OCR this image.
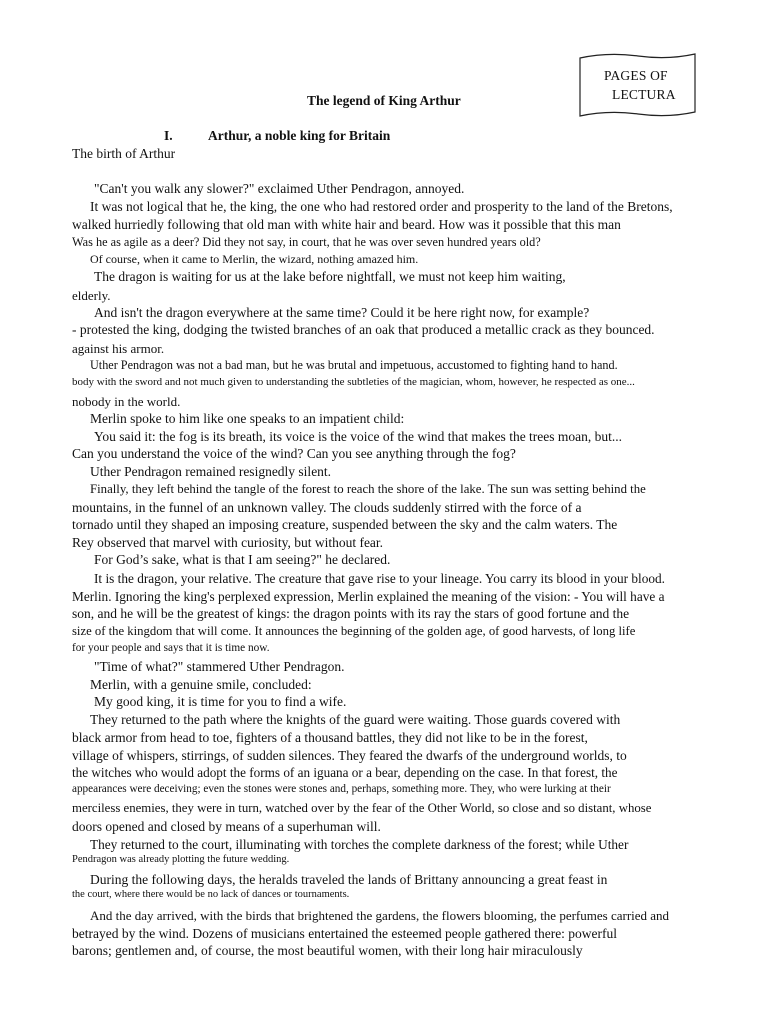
PAGES OF
LECTURA
The legend of King Arthur
I.	Arthur, a noble king for Britain
The birth of Arthur
"Can't you walk any slower?" exclaimed Uther Pendragon, annoyed.
It was not logical that he, the king, the one who had restored order and prosperity to the land of the Bretons,
walked hurriedly following that old man with white hair and beard. How was it possible that this man
Was he as agile as a deer? Did they not say, in court, that he was over seven hundred years old?
Of course, when it came to Merlin, the wizard, nothing amazed him.
The dragon is waiting for us at the lake before nightfall, we must not keep him waiting,
elderly.
And isn't the dragon everywhere at the same time? Could it be here right now, for example?
- protested the king, dodging the twisted branches of an oak that produced a metallic crack as they bounced.
against his armor.
Uther Pendragon was not a bad man, but he was brutal and impetuous, accustomed to fighting hand to hand.
body with the sword and not much given to understanding the subtleties of the magician, whom, however, he respected as one...
nobody in the world.
Merlin spoke to him like one speaks to an impatient child:
You said it: the fog is its breath, its voice is the voice of the wind that makes the trees moan, but...
Can you understand the voice of the wind? Can you see anything through the fog?
Uther Pendragon remained resignedly silent.
Finally, they left behind the tangle of the forest to reach the shore of the lake. The sun was setting behind the
mountains, in the funnel of an unknown valley. The clouds suddenly stirred with the force of a
tornado until they shaped an imposing creature, suspended between the sky and the calm waters. The
Rey observed that marvel with curiosity, but without fear.
For God’s sake, what is that I am seeing?" he declared.
It is the dragon, your relative. The creature that gave rise to your lineage. You carry its blood in your blood.
Merlin. Ignoring the king's perplexed expression, Merlin explained the meaning of the vision: - You will have a
son, and he will be the greatest of kings: the dragon points with its ray the stars of good fortune and the
size of the kingdom that will come. It announces the beginning of the golden age, of good harvests, of long life
for your people and says that it is time now.
"Time of what?" stammered Uther Pendragon.
Merlin, with a genuine smile, concluded:
My good king, it is time for you to find a wife.
They returned to the path where the knights of the guard were waiting. Those guards covered with
black armor from head to toe, fighters of a thousand battles, they did not like to be in the forest,
village of whispers, stirrings, of sudden silences. They feared the dwarfs of the underground worlds, to
the witches who would adopt the forms of an iguana or a bear, depending on the case. In that forest, the
appearances were deceiving; even the stones were stones and, perhaps, something more. They, who were lurking at their
merciless enemies, they were in turn, watched over by the fear of the Other World, so close and so distant, whose
doors opened and closed by means of a superhuman will.
They returned to the court, illuminating with torches the complete darkness of the forest; while Uther
Pendragon was already plotting the future wedding.
During the following days, the heralds traveled the lands of Brittany announcing a great feast in
the court, where there would be no lack of dances or tournaments.
And the day arrived, with the birds that brightened the gardens, the flowers blooming, the perfumes carried and
betrayed by the wind. Dozens of musicians entertained the esteemed people gathered there: powerful
barons; gentlemen and, of course, the most beautiful women, with their long hair miraculously
